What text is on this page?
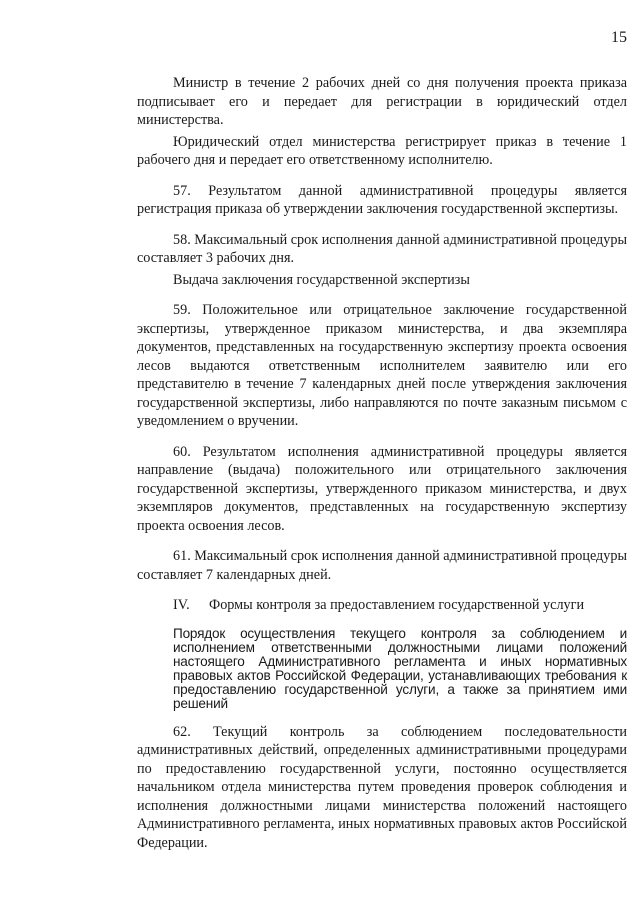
15

Министр в течение 2 рабочих дней со дня получения проекта приказа подписывает его и передает для регистрации в юридический отдел министерства.

Юридический отдел министерства регистрирует приказ в течение 1 рабочего дня и передает его ответственному исполнителю.

57. Результатом данной административной процедуры является регистрация приказа об утверждении заключения государственной экспертизы.

58. Максимальный срок исполнения данной административной процедуры составляет 3 рабочих дня.

Выдача заключения государственной экспертизы

59. Положительное или отрицательное заключение государственной экспертизы, утвержденное приказом министерства, и два экземпляра документов, представленных на государственную экспертизу проекта освоения лесов выдаются ответственным исполнителем заявителю или его представителю в течение 7 календарных дней после утверждения заключения государственной экспертизы, либо направляются по почте заказным письмом с уведомлением о вручении.

60. Результатом исполнения административной процедуры является направление (выдача) положительного или отрицательного заключения государственной экспертизы, утвержденного приказом министерства, и двух экземпляров документов, представленных на государственную экспертизу проекта освоения лесов.

61. Максимальный срок исполнения данной административной процедуры составляет 7 календарных дней.

IV. Формы контроля за предоставлением государственной услуги

Порядок осуществления текущего контроля за соблюдением и исполнением ответственными должностными лицами положений настоящего Административного регламента и иных нормативных правовых актов Российской Федерации, устанавливающих требования к предоставлению государственной услуги, а также за принятием ими решений

62. Текущий контроль за соблюдением последовательности административных действий, определенных административными процедурами по предоставлению государственной услуги, постоянно осуществляется начальником отдела министерства путем проведения проверок соблюдения и исполнения должностными лицами министерства положений настоящего Административного регламента, иных нормативных правовых актов Российской Федерации.
